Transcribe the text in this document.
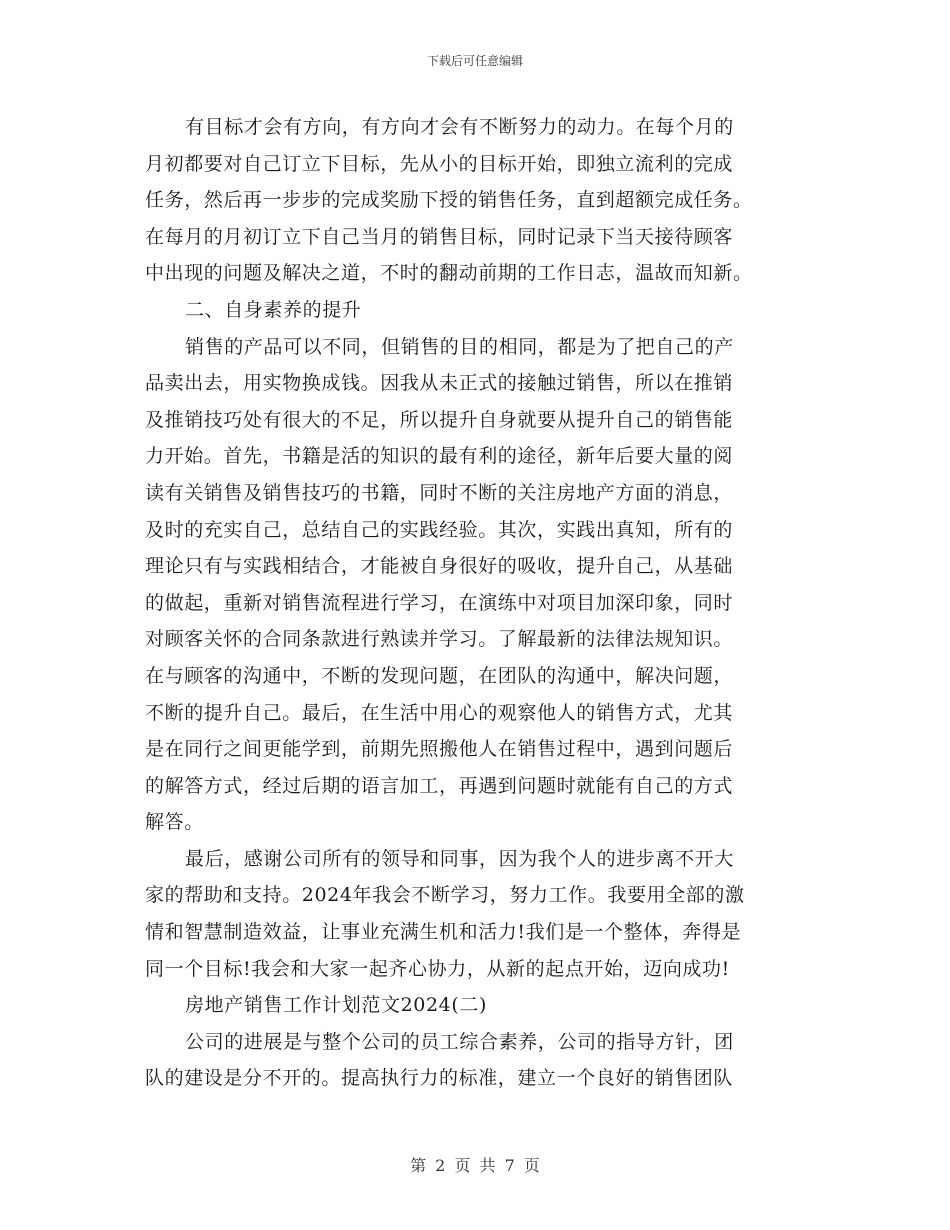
下载后可任意编辑
有目标才会有方向，有方向才会有不断努力的动力。在每个月的
月初都要对自己订立下目标，先从小的目标开始，即独立流利的完成
任务，然后再一步步的完成奖励下授的销售任务，直到超额完成任务。
在每月的月初订立下自己当月的销售目标，同时记录下当天接待顾客
中出现的问题及解决之道，不时的翻动前期的工作日志，温故而知新。
二、自身素养的提升
销售的产品可以不同，但销售的目的相同，都是为了把自己的产
品卖出去，用实物换成钱。因我从未正式的接触过销售，所以在推销
及推销技巧处有很大的不足，所以提升自身就要从提升自己的销售能
力开始。首先，书籍是活的知识的最有利的途径，新年后要大量的阅
读有关销售及销售技巧的书籍，同时不断的关注房地产方面的消息，
及时的充实自己，总结自己的实践经验。其次，实践出真知，所有的
理论只有与实践相结合，才能被自身很好的吸收，提升自己，从基础
的做起，重新对销售流程进行学习，在演练中对项目加深印象，同时
对顾客关怀的合同条款进行熟读并学习。了解最新的法律法规知识。
在与顾客的沟通中，不断的发现问题，在团队的沟通中，解决问题，
不断的提升自己。最后，在生活中用心的观察他人的销售方式，尤其
是在同行之间更能学到，前期先照搬他人在销售过程中，遇到问题后
的解答方式，经过后期的语言加工，再遇到问题时就能有自己的方式
解答。
最后，感谢公司所有的领导和同事，因为我个人的进步离不开大
家的帮助和支持。2024年我会不断学习，努力工作。我要用全部的激
情和智慧制造效益，让事业充满生机和活力!我们是一个整体，奔得是
同一个目标!我会和大家一起齐心协力，从新的起点开始，迈向成功!
房地产销售工作计划范文2024(二)
公司的进展是与整个公司的员工综合素养，公司的指导方针，团
队的建设是分不开的。提高执行力的标准，建立一个良好的销售团队
第 2 页 共 7 页
